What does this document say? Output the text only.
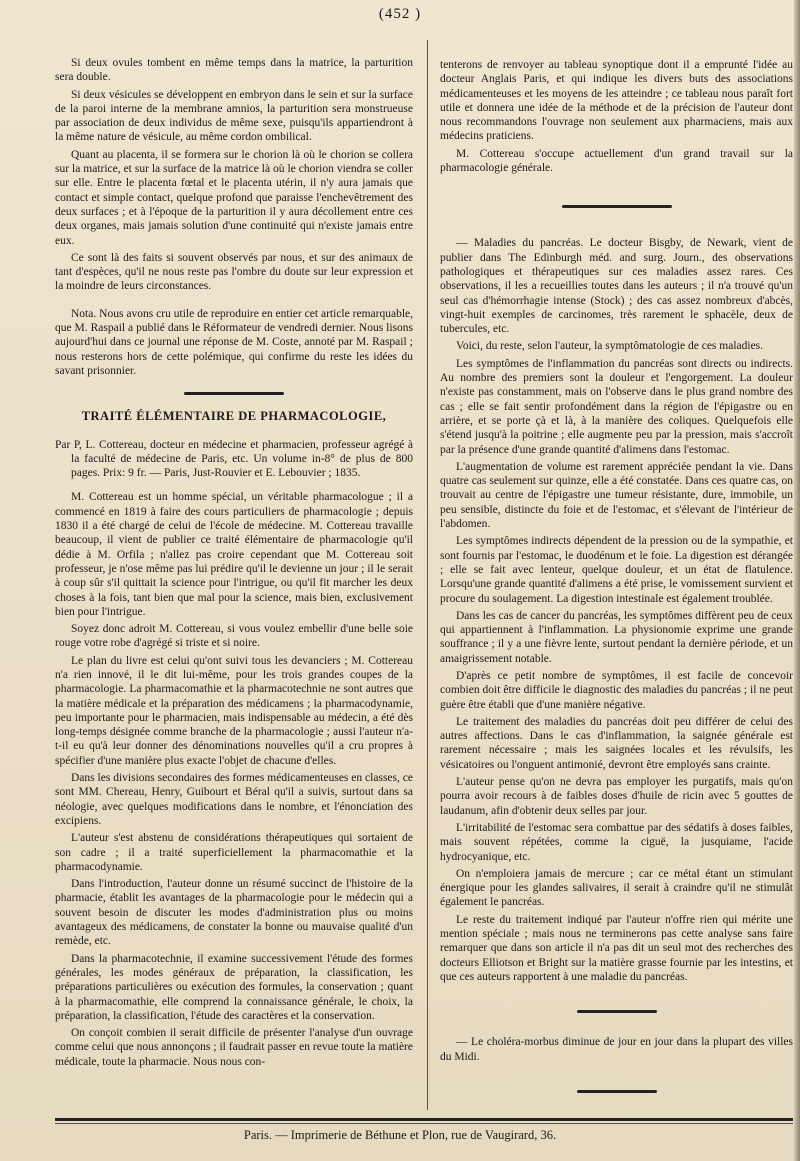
(452 )

Si deux ovules tombent en même temps dans la matrice, la parturition sera double.

Si deux vésicules se développent en embryon dans le sein et sur la surface de la paroi interne de la membrane amnios, la parturition sera monstrueuse par association de deux individus de même sexe, puisqu'ils appartiendront à la même nature de vésicule, au même cordon ombilical.

Quant au placenta, il se formera sur le chorion là où le chorion se collera sur la matrice, et sur la surface de la matrice là où le chorion viendra se coller sur elle. Entre le placenta fœtal et le placenta utérin, il n'y aura jamais que contact et simple contact, quelque profond que paraisse l'enchevêtrement des deux surfaces ; et à l'époque de la parturition il y aura décollement entre ces deux organes, mais jamais solution d'une continuité qui n'existe jamais entre eux.

Ce sont là des faits si souvent observés par nous, et sur des animaux de tant d'espèces, qu'il ne nous reste pas l'ombre du doute sur leur expression et la moindre de leurs circonstances.

Nota. Nous avons cru utile de reproduire en entier cet article remarquable, que M. Raspail a publié dans le Réformateur de vendredi dernier. Nous lisons aujourd'hui dans ce journal une réponse de M. Coste, annoté par M. Raspail ; nous resterons hors de cette polémique, qui confirme du reste les idées du savant prisonnier.

TRAITÉ ÉLÉMENTAIRE DE PHARMACOLOGIE,

Par P, L. Cottereau, docteur en médecine et pharmacien, professeur agrégé à la faculté de médecine de Paris, etc. Un volume in-8° de plus de 800 pages. Prix: 9 fr. — Paris, Just-Rouvier et E. Lebouvier ; 1835.

M. Cottereau est un homme spécial, un véritable pharmacologue ; il a commencé en 1819 à faire des cours particuliers de pharmacologie ; depuis 1830 il a été chargé de celui de l'école de médecine. M. Cottereau travaille beaucoup, il vient de publier ce traité élémentaire de pharmacologie qu'il dédie à M. Orfila ; n'allez pas croire cependant que M. Cottereau soit professeur, je n'ose même pas lui prédire qu'il le devienne un jour ; il le serait à coup sûr s'il quittait la science pour l'intrigue, ou qu'il fit marcher les deux choses à la fois, tant bien que mal pour la science, mais bien, exclusivement bien pour l'intrigue.

Soyez donc adroit M. Cottereau, si vous voulez embellir d'une belle soie rouge votre robe d'agrégé si triste et si noire.

Le plan du livre est celui qu'ont suivi tous les devanciers ; M. Cottereau n'a rien innové, il le dit lui-même, pour les trois grandes coupes de la pharmacologie. La pharmacomathie et la pharmacotechnie ne sont autres que la matière médicale et la préparation des médicamens ; la pharmacodynamie, peu importante pour le pharmacien, mais indispensable au médecin, a été dès long-temps désignée comme branche de la pharmacologie ; aussi l'auteur n'a-t-il eu qu'à leur donner des dénominations nouvelles qu'il a cru propres à spécifier d'une manière plus exacte l'objet de chacune d'elles.

Dans les divisions secondaires des formes médicamenteuses en classes, ce sont MM. Chereau, Henry, Guibourt et Béral qu'il a suivis, surtout dans sa néologie, avec quelques modifications dans le nombre, et l'énonciation des excipiens.

L'auteur s'est abstenu de considérations thérapeutiques qui sortaient de son cadre ; il a traité superficiellement la pharmacomathie et la pharmacodynamie.

Dans l'introduction, l'auteur donne un résumé succinct de l'histoire de la pharmacie, établit les avantages de la pharmacologie pour le médecin qui a souvent besoin de discuter les modes d'administration plus ou moins avantageux des médicamens, de constater la bonne ou mauvaise qualité d'un remède, etc.

Dans la pharmacotechnie, il examine successivement l'étude des formes générales, les modes généraux de préparation, la classification, les préparations particulières ou exécution des formules, la conservation ; quant à la pharmacomathie, elle comprend la connaissance générale, le choix, la préparation, la classification, l'étude des caractères et la conservation.

On conçoit combien il serait difficile de présenter l'analyse d'un ouvrage comme celui que nous annonçons ; il faudrait passer en revue toute la matière médicale, toute la pharmacie. Nous nous con-

tenterons de renvoyer au tableau synoptique dont il a emprunté l'idée au docteur Anglais Paris, et qui indique les divers buts des associations médicamenteuses et les moyens de les atteindre ; ce tableau nous paraît fort utile et donnera une idée de la méthode et de la précision de l'auteur dont nous recommandons l'ouvrage non seulement aux pharmaciens, mais aux médecins praticiens.

M. Cottereau s'occupe actuellement d'un grand travail sur la pharmacologie générale.

— Maladies du pancréas. Le docteur Bisgby, de Newark, vient de publier dans The Edinburgh méd. and surg. Journ., des observations pathologiques et thérapeutiques sur ces maladies assez rares. Ces observations, il les a recueillies toutes dans les auteurs ; il n'a trouvé qu'un seul cas d'hémorrhagie intense (Stock) ; des cas assez nombreux d'abcès, vingt-huit exemples de carcinomes, très rarement le sphacèle, deux de tubercules, etc.

Voici, du reste, selon l'auteur, la symptômatologie de ces maladies.

Les symptômes de l'inflammation du pancréas sont directs ou indirects. Au nombre des premiers sont la douleur et l'engorgement. La douleur n'existe pas constamment, mais on l'observe dans le plus grand nombre des cas ; elle se fait sentir profondément dans la région de l'épigastre ou en arrière, et se porte çà et là, à la manière des coliques. Quelquefois elle s'étend jusqu'à la poitrine ; elle augmente peu par la pression, mais s'accroît par la présence d'une grande quantité d'alimens dans l'estomac.

L'augmentation de volume est rarement appréciée pendant la vie. Dans quatre cas seulement sur quinze, elle a été constatée. Dans ces quatre cas, on trouvait au centre de l'épigastre une tumeur résistante, dure, immobile, un peu sensible, distincte du foie et de l'estomac, et s'élevant de l'intérieur de l'abdomen.

Les symptômes indirects dépendent de la pression ou de la sympathie, et sont fournis par l'estomac, le duodénum et le foie. La digestion est dérangée ; elle se fait avec lenteur, quelque douleur, et un état de flatulence. Lorsqu'une grande quantité d'alimens a été prise, le vomissement survient et procure du soulagement. La digestion intestinale est également troublée.

Dans les cas de cancer du pancréas, les symptômes diffèrent peu de ceux qui appartiennent à l'inflammation. La physionomie exprime une grande souffrance ; il y a une fièvre lente, surtout pendant la dernière période, et un amaigrissement notable.

D'après ce petit nombre de symptômes, il est facile de concevoir combien doit être difficile le diagnostic des maladies du pancréas ; il ne peut guère être établi que d'une manière négative.

Le traitement des maladies du pancréas doit peu différer de celui des autres affections. Dans le cas d'inflammation, la saignée générale est rarement nécessaire ; mais les saignées locales et les révulsifs, les vésicatoires ou l'onguent antimonié, devront être employés sans crainte.

L'auteur pense qu'on ne devra pas employer les purgatifs, mais qu'on pourra avoir recours à de faibles doses d'huile de ricin avec 5 gouttes de laudanum, afin d'obtenir deux selles par jour.

L'irritabilité de l'estomac sera combattue par des sédatifs à doses faibles, mais souvent répétées, comme la ciguë, la jusquiame, l'acide hydrocyanique, etc.

On n'emploiera jamais de mercure ; car ce métal étant un stimulant énergique pour les glandes salivaires, il serait à craindre qu'il ne stimulât également le pancréas.

Le reste du traitement indiqué par l'auteur n'offre rien qui mérite une mention spéciale ; mais nous ne terminerons pas cette analyse sans faire remarquer que dans son article il n'a pas dit un seul mot des recherches des docteurs Elliotson et Bright sur la matière grasse fournie par les intestins, et que ces auteurs rapportent à une maladie du pancréas.

— Le choléra-morbus diminue de jour en jour dans la plupart des villes du Midi.

Paris. — Imprimerie de Béthune et Plon, rue de Vaugirard, 36.
